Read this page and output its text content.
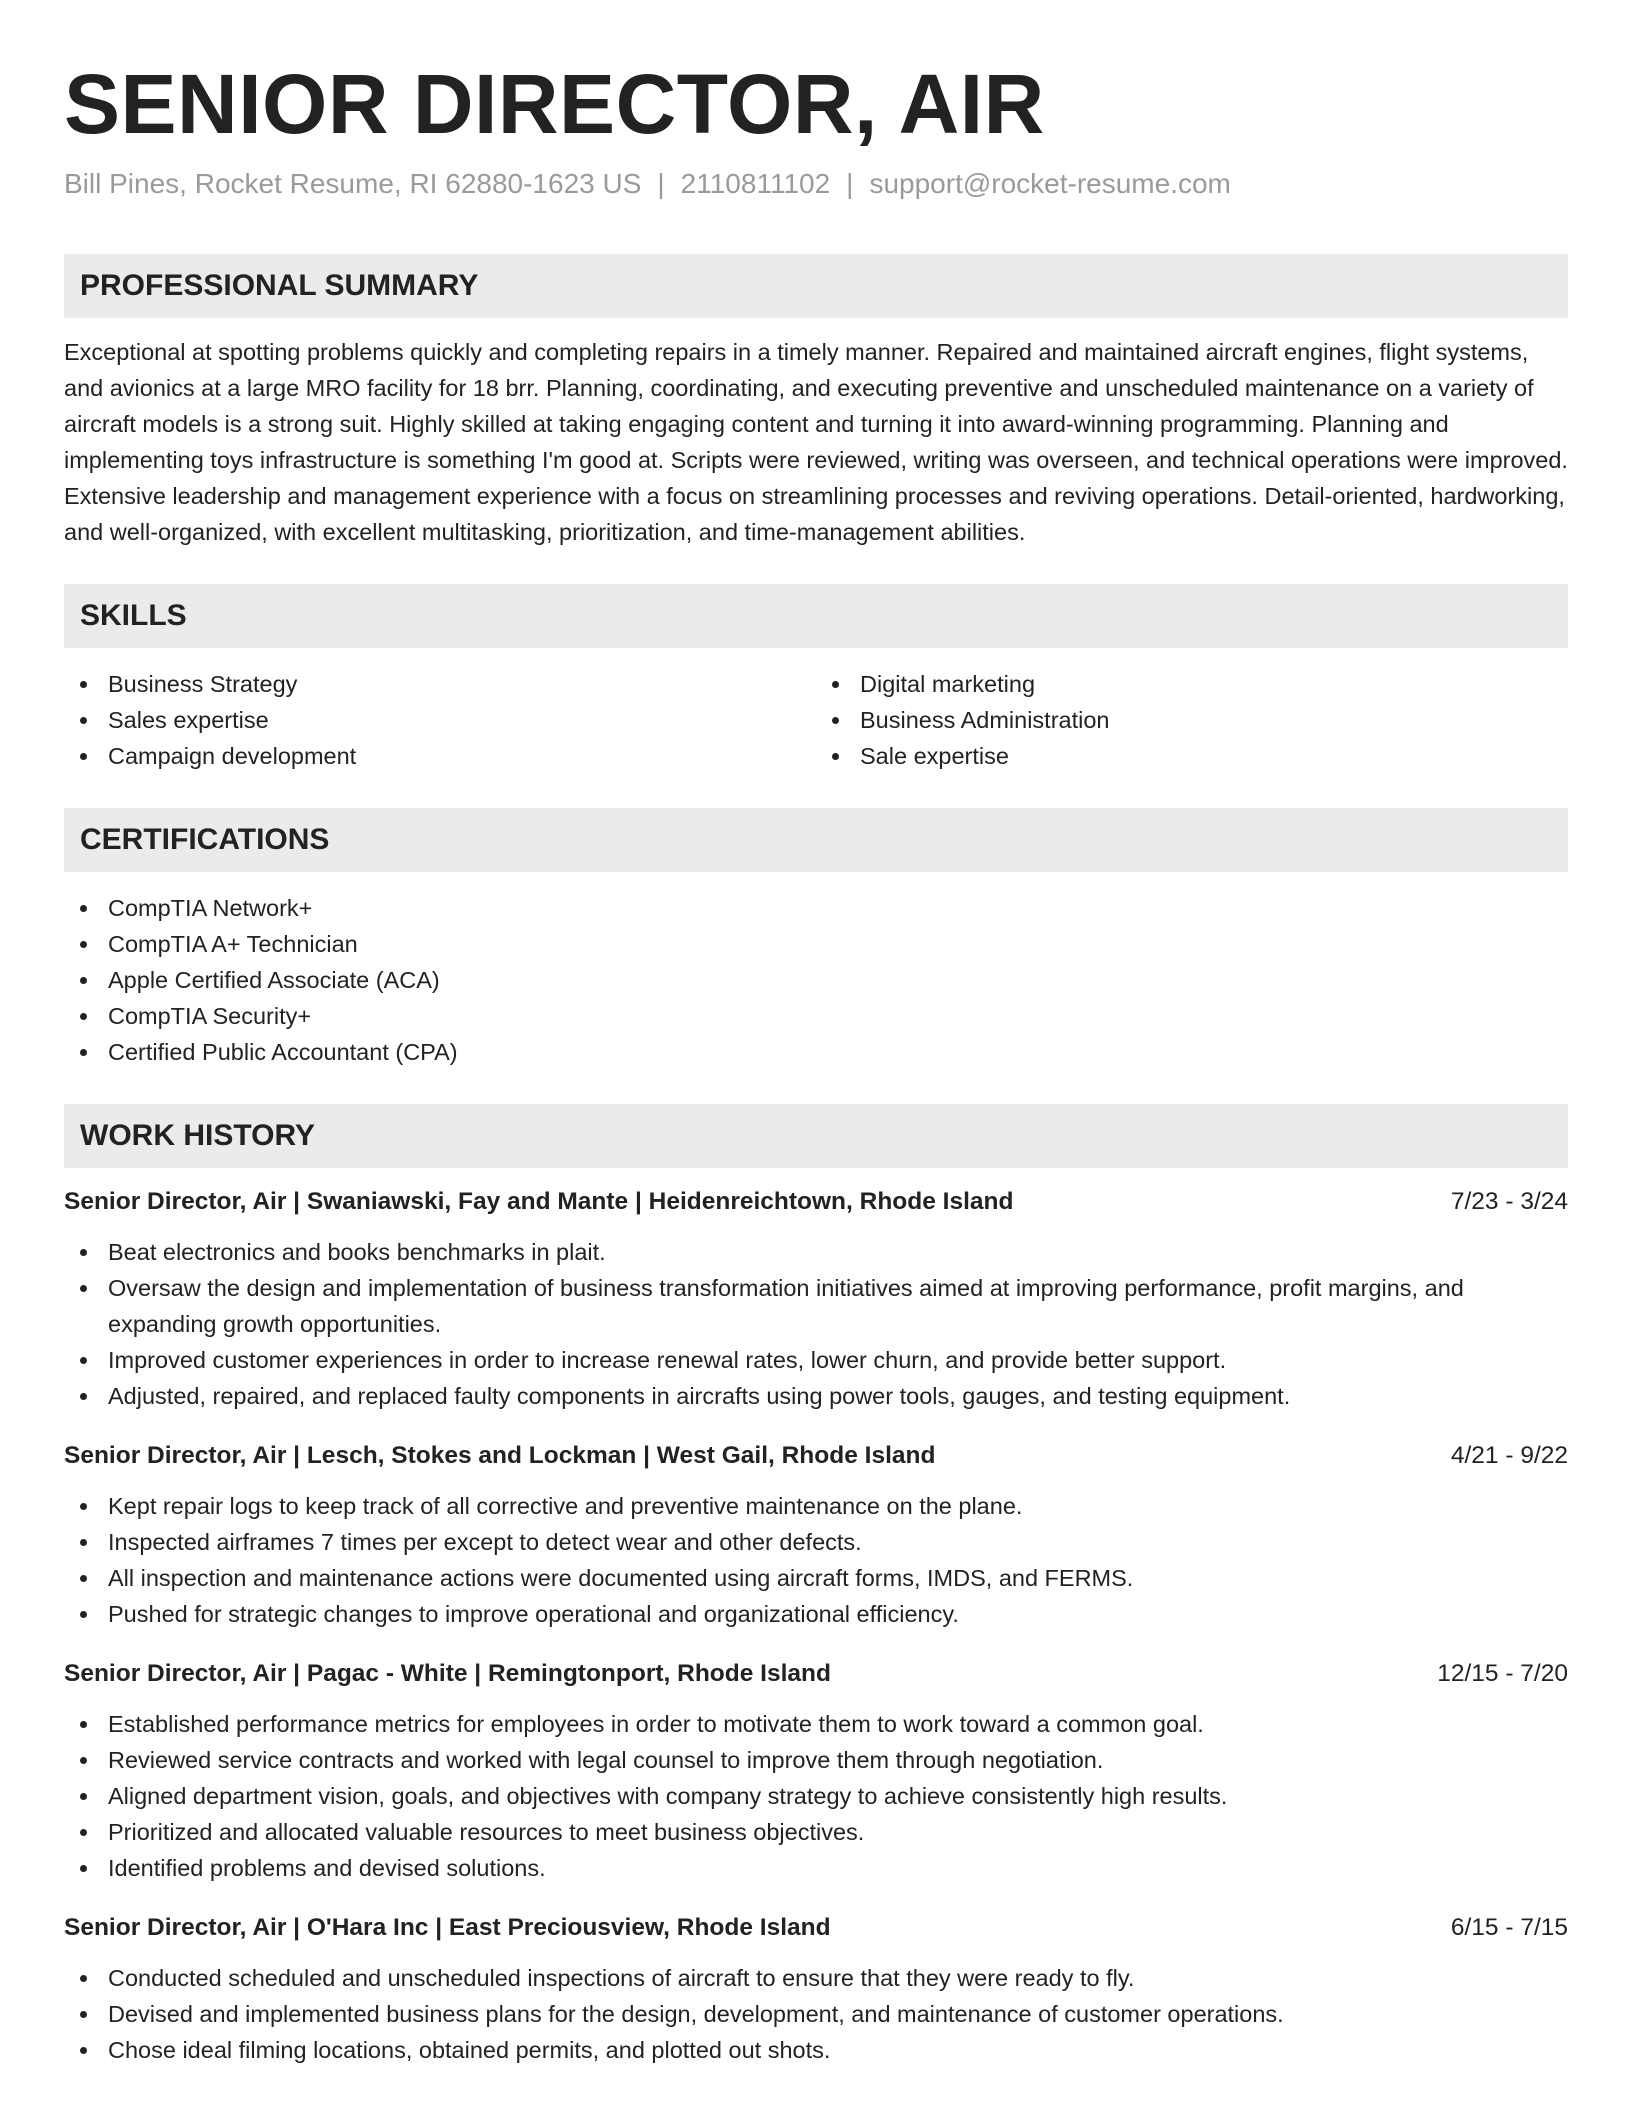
SENIOR DIRECTOR, AIR
Bill Pines, Rocket Resume, RI 62880-1623 US | 2110811102 | support@rocket-resume.com
PROFESSIONAL SUMMARY

Exceptional at spotting problems quickly and completing repairs in a timely manner. Repaired and maintained aircraft engines, flight systems, and avionics at a large MRO facility for 18 brr. Planning, coordinating, and executing preventive and unscheduled maintenance on a variety of aircraft models is a strong suit. Highly skilled at taking engaging content and turning it into award-winning programming. Planning and implementing toys infrastructure is something I'm good at. Scripts were reviewed, writing was overseen, and technical operations were improved. Extensive leadership and management experience with a focus on streamlining processes and reviving operations. Detail-oriented, hardworking, and well-organized, with excellent multitasking, prioritization, and time-management abilities.

SKILLS
Business Strategy
Sales expertise
Campaign development
Digital marketing
Business Administration
Sale expertise
CERTIFICATIONS
CompTIA Network+
CompTIA A+ Technician
Apple Certified Associate (ACA)
CompTIA Security+
Certified Public Accountant (CPA)
WORK HISTORY
Senior Director, Air | Swaniawski, Fay and Mante | Heidenreichtown, Rhode Island	7/23 - 3/24
Beat electronics and books benchmarks in plait.
Oversaw the design and implementation of business transformation initiatives aimed at improving performance, profit margins, and expanding growth opportunities.
Improved customer experiences in order to increase renewal rates, lower churn, and provide better support.
Adjusted, repaired, and replaced faulty components in aircrafts using power tools, gauges, and testing equipment.
Senior Director, Air | Lesch, Stokes and Lockman | West Gail, Rhode Island	4/21 - 9/22
Kept repair logs to keep track of all corrective and preventive maintenance on the plane.
Inspected airframes 7 times per except to detect wear and other defects.
All inspection and maintenance actions were documented using aircraft forms, IMDS, and FERMS.
Pushed for strategic changes to improve operational and organizational efficiency.
Senior Director, Air | Pagac - White | Remingtonport, Rhode Island	12/15 - 7/20
Established performance metrics for employees in order to motivate them to work toward a common goal.
Reviewed service contracts and worked with legal counsel to improve them through negotiation.
Aligned department vision, goals, and objectives with company strategy to achieve consistently high results.
Prioritized and allocated valuable resources to meet business objectives.
Identified problems and devised solutions.
Senior Director, Air | O'Hara Inc | East Preciousview, Rhode Island	6/15 - 7/15
Conducted scheduled and unscheduled inspections of aircraft to ensure that they were ready to fly.
Devised and implemented business plans for the design, development, and maintenance of customer operations.
Chose ideal filming locations, obtained permits, and plotted out shots.
